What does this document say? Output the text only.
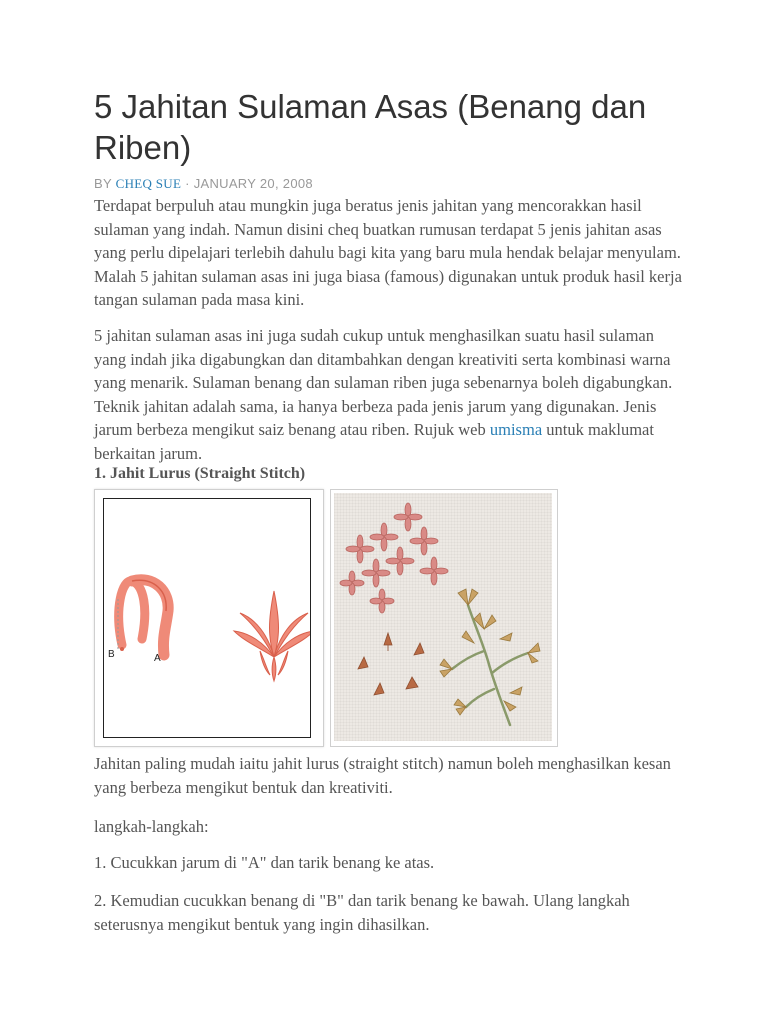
5 Jahitan Sulaman Asas (Benang dan Riben)
BY CHEQ SUE · JANUARY 20, 2008

Terdapat berpuluh atau mungkin juga beratus jenis jahitan yang mencorakkan hasil sulaman yang indah. Namun disini cheq buatkan rumusan terdapat 5 jenis jahitan asas yang perlu dipelajari terlebih dahulu bagi kita yang baru mula hendak belajar menyulam. Malah 5 jahitan sulaman asas ini juga biasa (famous) digunakan untuk produk hasil kerja tangan sulaman pada masa kini.

5 jahitan sulaman asas ini juga sudah cukup untuk menghasilkan suatu hasil sulaman yang indah jika digabungkan dan ditambahkan dengan kreativiti serta kombinasi warna yang menarik. Sulaman benang dan sulaman riben juga sebenarnya boleh digabungkan. Teknik jahitan adalah sama, ia hanya berbeza pada jenis jarum yang digunakan. Jenis jarum berbeza mengikut saiz benang atau riben. Rujuk web umisma untuk maklumat berkaitan jarum.

1. Jahit Lurus (Straight Stitch)
B	A

Jahitan paling mudah iaitu jahit lurus (straight stitch) namun boleh menghasilkan kesan yang berbeza mengikut bentuk dan kreativiti.

langkah-langkah:

1. Cucukkan jarum di "A" dan tarik benang ke atas.

2. Kemudian cucukkan benang di "B" dan tarik benang ke bawah. Ulang langkah seterusnya mengikut bentuk yang ingin dihasilkan.
